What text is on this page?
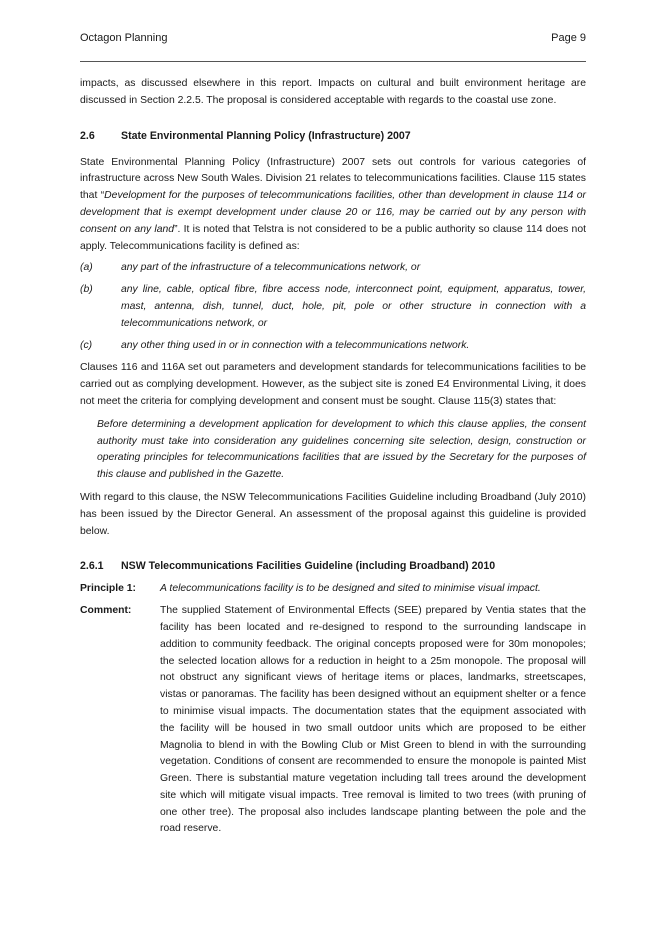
Octagon Planning	Page 9

impacts, as discussed elsewhere in this report. Impacts on cultural and built environment heritage are discussed in Section 2.2.5. The proposal is considered acceptable with regards to the coastal use zone.

2.6	State Environmental Planning Policy (Infrastructure) 2007

State Environmental Planning Policy (Infrastructure) 2007 sets out controls for various categories of infrastructure across New South Wales. Division 21 relates to telecommunications facilities. Clause 115 states that “Development for the purposes of telecommunications facilities, other than development in clause 114 or development that is exempt development under clause 20 or 116, may be carried out by any person with consent on any land”. It is noted that Telstra is not considered to be a public authority so clause 114 does not apply. Telecommunications facility is defined as:

(a)	any part of the infrastructure of a telecommunications network, or
(b)	any line, cable, optical fibre, fibre access node, interconnect point, equipment, apparatus, tower, mast, antenna, dish, tunnel, duct, hole, pit, pole or other structure in connection with a telecommunications network, or
(c)	any other thing used in or in connection with a telecommunications network.

Clauses 116 and 116A set out parameters and development standards for telecommunications facilities to be carried out as complying development. However, as the subject site is zoned E4 Environmental Living, it does not meet the criteria for complying development and consent must be sought. Clause 115(3) states that:

Before determining a development application for development to which this clause applies, the consent authority must take into consideration any guidelines concerning site selection, design, construction or operating principles for telecommunications facilities that are issued by the Secretary for the purposes of this clause and published in the Gazette.

With regard to this clause, the NSW Telecommunications Facilities Guideline including Broadband (July 2010) has been issued by the Director General. An assessment of the proposal against this guideline is provided below.

2.6.1	NSW Telecommunications Facilities Guideline (including Broadband) 2010
Principle 1:	A telecommunications facility is to be designed and sited to minimise visual impact.
Comment:	The supplied Statement of Environmental Effects (SEE) prepared by Ventia states that the facility has been located and re-designed to respond to the surrounding landscape in addition to community feedback. The original concepts proposed were for 30m monopoles; the selected location allows for a reduction in height to a 25m monopole. The proposal will not obstruct any significant views of heritage items or places, landmarks, streetscapes, vistas or panoramas. The facility has been designed without an equipment shelter or a fence to minimise visual impacts. The documentation states that the equipment associated with the facility will be housed in two small outdoor units which are proposed to be either Magnolia to blend in with the Bowling Club or Mist Green to blend in with the surrounding vegetation. Conditions of consent are recommended to ensure the monopole is painted Mist Green. There is substantial mature vegetation including tall trees around the development site which will mitigate visual impacts. Tree removal is limited to two trees (with pruning of one other tree). The proposal also includes landscape planting between the pole and the road reserve.
